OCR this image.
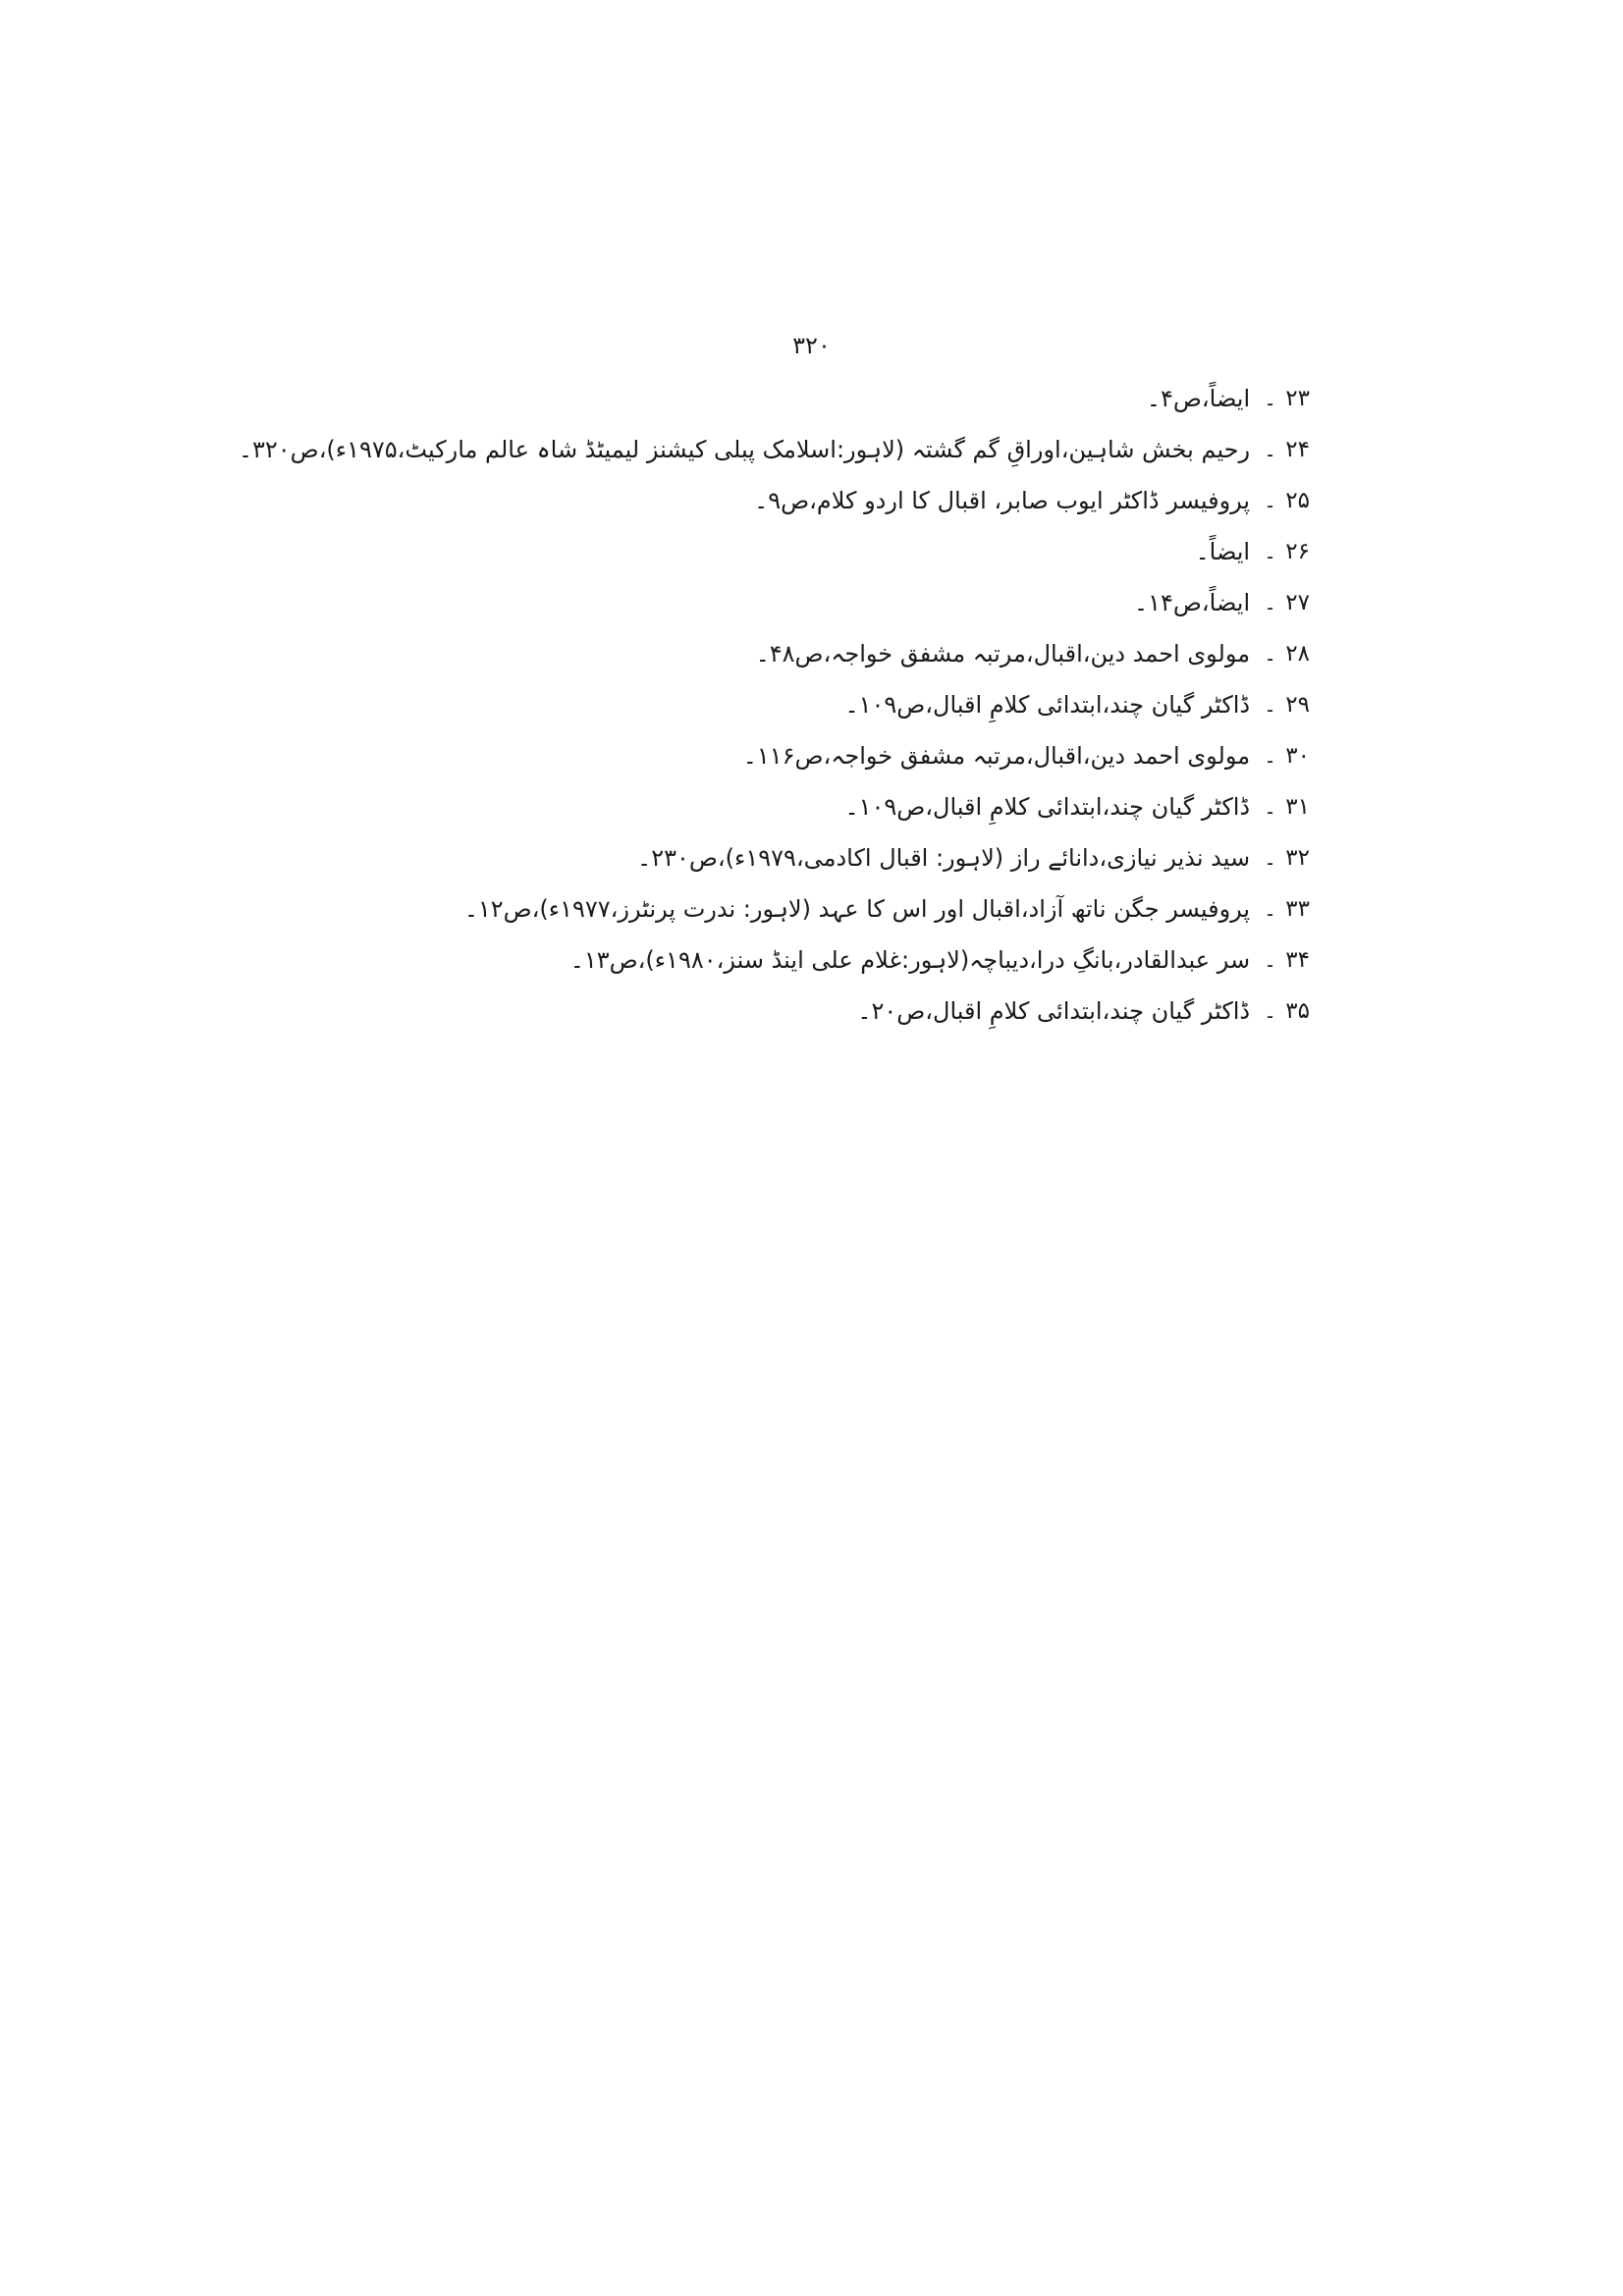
۳۲۰
۲۳
۔
ایضاً،ص۴۔
۲۴
۔
رحیم بخش شاہین،اوراقِ گم گشتہ (لاہور:اسلامک پبلی کیشنز لیمیٹڈ شاہ عالم مارکیٹ،۱۹۷۵ء)،ص۳۲۰۔
۲۵
۔
پروفیسر ڈاکٹر ایوب صابر، اقبال کا اردو کلام،ص۹۔
۲۶
۔
ایضاً۔
۲۷
۔
ایضاً،ص۱۴۔
۲۸
۔
مولوی احمد دین،اقبال،مرتبہ مشفق خواجہ،ص۴۸۔
۲۹
۔
ڈاکٹر گیان چند،ابتدائی کلامِ اقبال،ص۱۰۹۔
۳۰
۔
مولوی احمد دین،اقبال،مرتبہ مشفق خواجہ،ص۱۱۶۔
۳۱
۔
ڈاکٹر گیان چند،ابتدائی کلامِ اقبال،ص۱۰۹۔
۳۲
۔
سید نذیر نیازی،دانائے راز (لاہور: اقبال اکادمی،۱۹۷۹ء)،ص۲۳۰۔
۳۳
۔
پروفیسر جگن ناتھ آزاد،اقبال اور اس کا عہد (لاہور: ندرت پرنٹرز،۱۹۷۷ء)،ص۱۲۔
۳۴
۔
سر عبدالقادر،بانگِ درا،دیباچہ(لاہور:غلام علی اینڈ سنز،۱۹۸۰ء)،ص۱۳۔
۳۵
۔
ڈاکٹر گیان چند،ابتدائی کلامِ اقبال،ص۲۰۔
